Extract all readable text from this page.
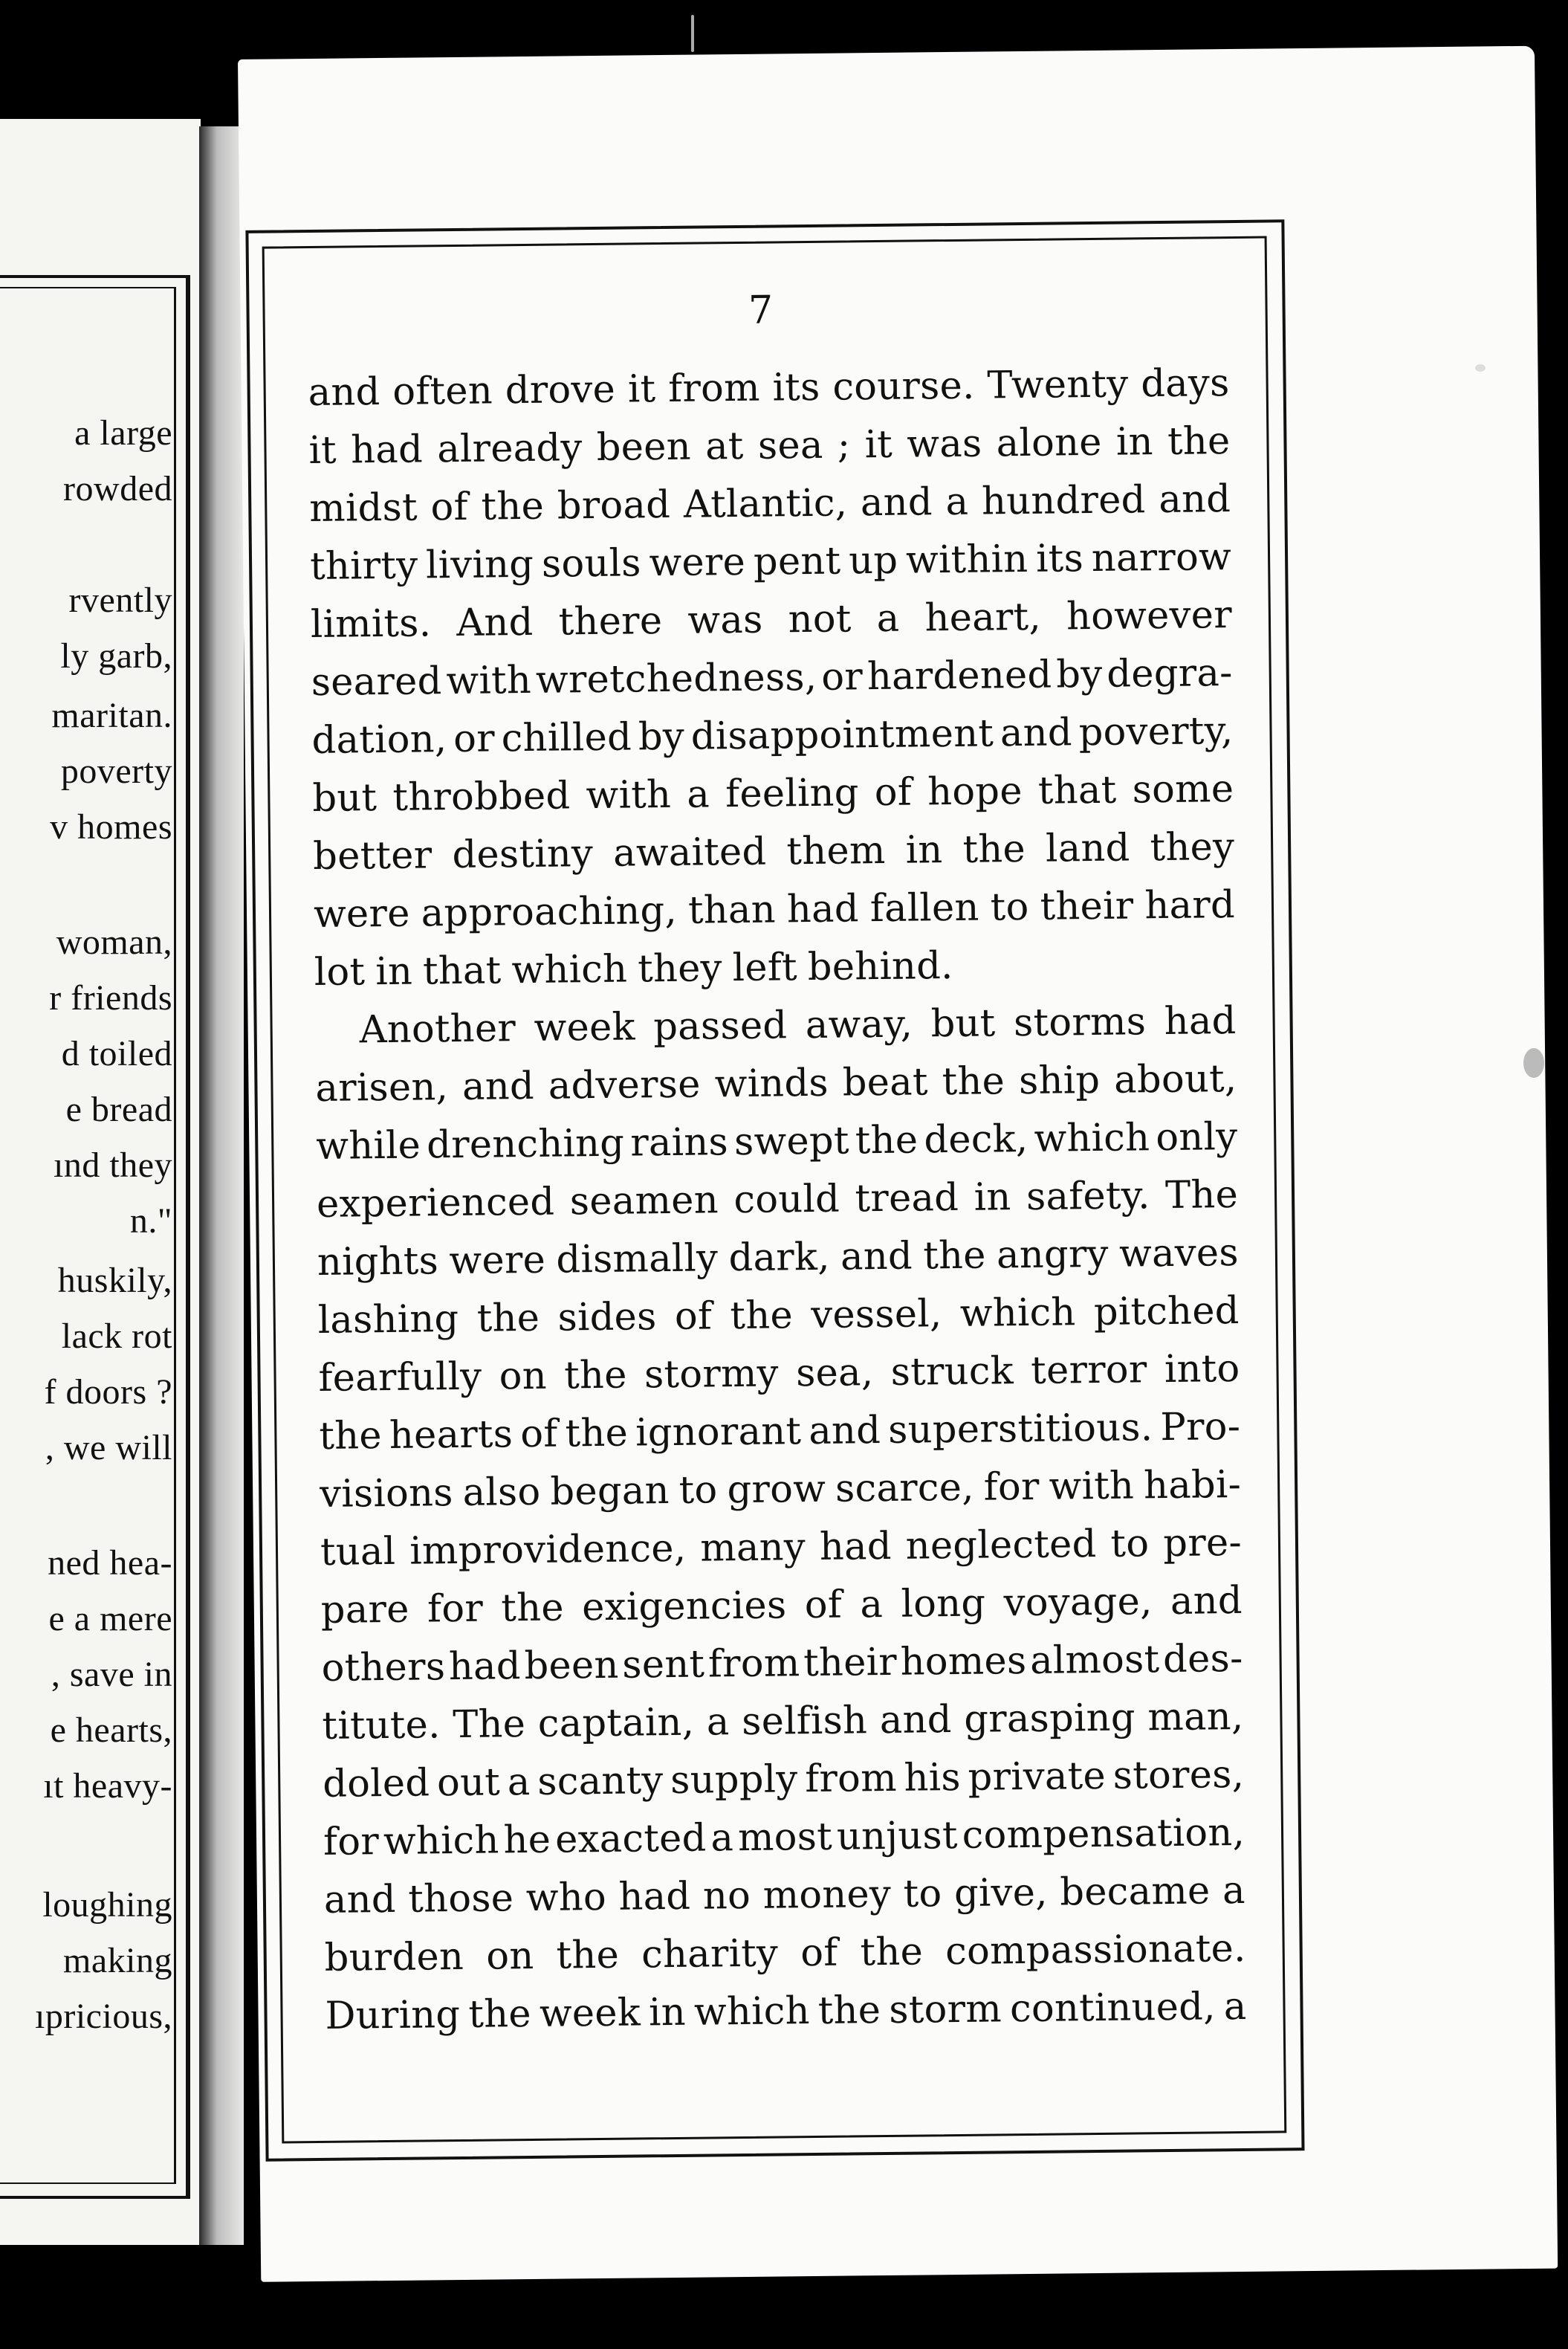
a large
rowded
rvently
ly garb,
maritan.
poverty
v homes
woman,
r friends
d toiled
e bread
ınd they
n."
huskily,
lack rot
f doors ?
, we will
ned hea-
e a mere
, save in
e hearts,
ıt heavy-
loughing
making
ıpricious,
7
and often drove it from its course. Twenty days
it had already been at sea ; it was alone in the
midst of the broad Atlantic, and a hundred and
thirty living souls were pent up within its narrow
limits. And there was not a heart, however
seared with wretchedness, or hardened by degra-
dation, or chilled by disappointment and poverty,
but throbbed with a feeling of hope that some
better destiny awaited them in the land they
were approaching, than had fallen to their hard
lot in that which they left behind.
Another week passed away, but storms had
arisen, and adverse winds beat the ship about,
while drenching rains swept the deck, which only
experienced seamen could tread in safety. The
nights were dismally dark, and the angry waves
lashing the sides of the vessel, which pitched
fearfully on the stormy sea, struck terror into
the hearts of the ignorant and superstitious. Pro-
visions also began to grow scarce, for with habi-
tual improvidence, many had neglected to pre-
pare for the exigencies of a long voyage, and
others had been sent from their homes almost des-
titute. The captain, a selfish and grasping man,
doled out a scanty supply from his private stores,
for which he exacted a most unjust compensation,
and those who had no money to give, became a
burden on the charity of the compassionate.
During the week in which the storm continued, a
